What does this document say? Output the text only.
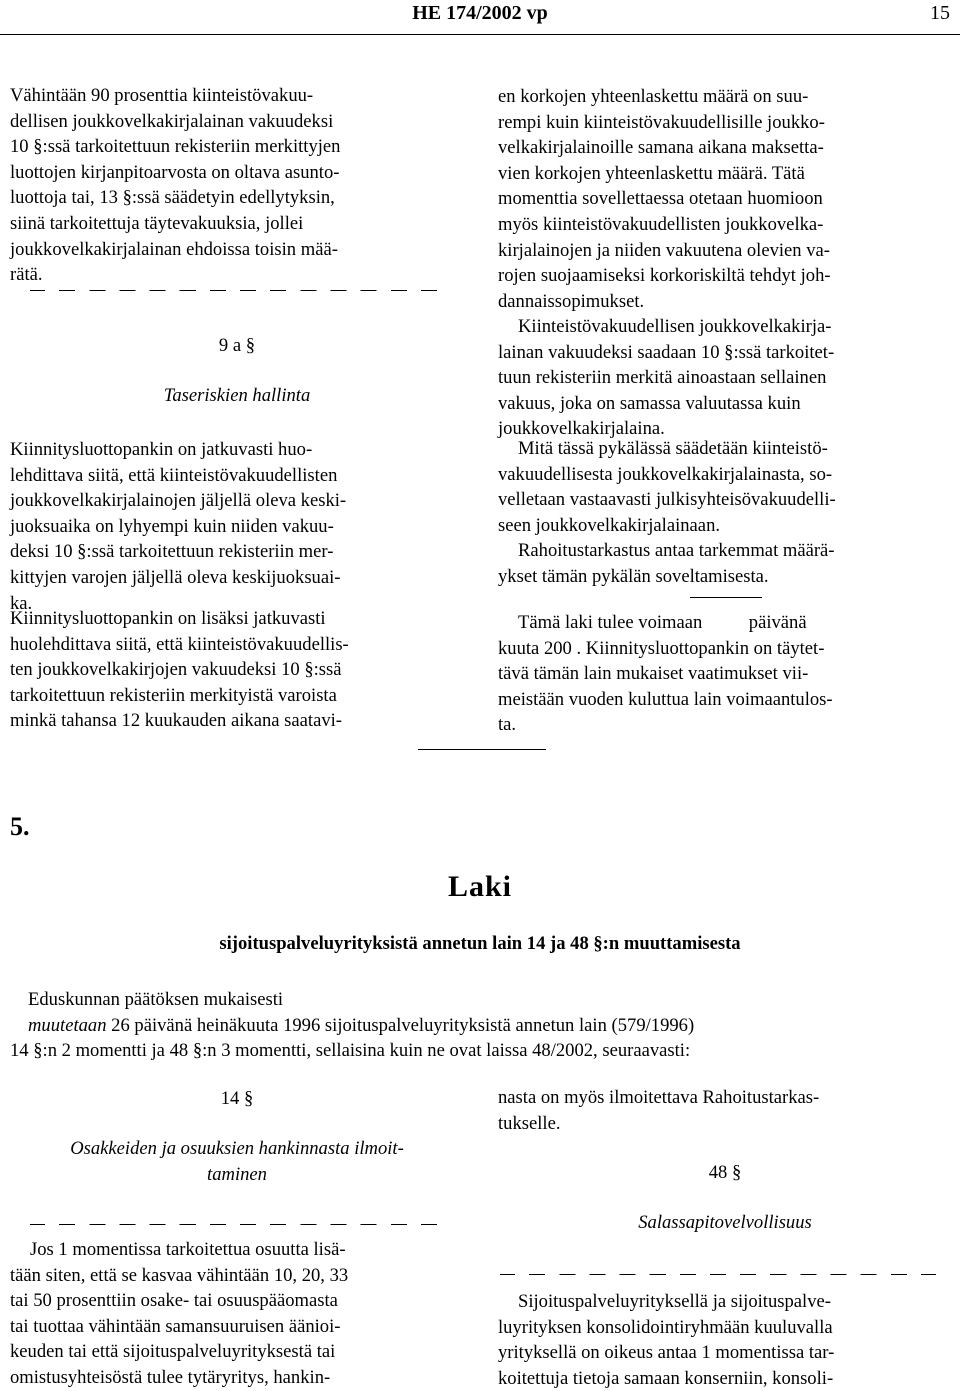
HE 174/2002 vp	15
Vähintään 90 prosenttia kiinteistövakuu-
dellisen joukkovelkakirjalainan vakuudeksi
10 §:ssä tarkoitettuun rekisteriin merkittyjen
luottojen kirjanpitoarvosta on oltava asunto-
luottoja tai, 13 §:ssä säädetyin edellytyksin,
siinä tarkoitettuja täytevakuuksia, jollei
joukkovelkakirjalainan ehdoissa toisin mää-
rätä.
9 a §
Taseriskien hallinta
Kiinnitysluottopankin on jatkuvasti huo-
lehdittava siitä, että kiinteistövakuudellisten
joukkovelkakirjalainojen jäljellä oleva keski-
juoksuaika on lyhyempi kuin niiden vakuu-
deksi 10 §:ssä tarkoitettuun rekisteriin mer-
kittyjen varojen jäljellä oleva keskijuoksuai-
ka.
Kiinnitysluottopankin on lisäksi jatkuvasti
huolehdittava siitä, että kiinteistövakuudellis-
ten joukkovelkakirjojen vakuudeksi 10 §:ssä
tarkoitettuun rekisteriin merkityistä varoista
minkä tahansa 12 kuukauden aikana saatavi-
en korkojen yhteenlaskettu määrä on suu-
rempi kuin kiinteistövakuudellisille joukko-
velkakirjalainoille samana aikana maksetta-
vien korkojen yhteenlaskettu määrä. Tätä
momenttia sovellettaessa otetaan huomioon
myös kiinteistövakuudellisten joukkovelka-
kirjalainojen ja niiden vakuutena olevien va-
rojen suojaamiseksi korkoriskiltä tehdyt joh-
dannaissopimukset.
Kiinteistövakuudellisen joukkovelkakirja-
lainan vakuudeksi saadaan 10 §:ssä tarkoitet-
tuun rekisteriin merkitä ainoastaan sellainen
vakuus, joka on samassa valuutassa kuin
joukkovelkakirjalaina.
Mitä tässä pykälässä säädetään kiinteistö-
vakuudellisesta joukkovelkakirjalainasta, so-
velletaan vastaavasti julkisyhteisövakuudelli-
seen joukkovelkakirjalainaan.
Rahoitustarkastus antaa tarkemmat määrä-
ykset tämän pykälän soveltamisesta.
Tämä laki tulee voimaan          päivänä
kuuta 200 . Kiinnitysluottopankin on täytet-
tävä tämän lain mukaiset vaatimukset vii-
meistään vuoden kuluttua lain voimaantulos-
ta.
5.
Laki
sijoituspalveluyrityksistä annetun lain 14 ja 48 §:n muuttamisesta
Eduskunnan päätöksen mukaisesti
muutetaan 26 päivänä heinäkuuta 1996 sijoituspalveluyrityksistä annetun lain (579/1996)
14 §:n 2 momentti ja 48 §:n 3 momentti, sellaisina kuin ne ovat laissa 48/2002, seuraavasti:
14 §
Osakkeiden ja osuuksien hankinnasta ilmoit-
taminen
Jos 1 momentissa tarkoitettua osuutta lisä-
tään siten, että se kasvaa vähintään 10, 20, 33
tai 50 prosenttiin osake- tai osuuspääomasta
tai tuottaa vähintään samansuuruisen äänioi-
keuden tai että sijoituspalveluyrityksestä tai
omistusyhteisöstä tulee tytäryritys, hankin-
nasta on myös ilmoitettava Rahoitustarkas-
tukselle.
48 §
Salassapitovelvollisuus
Sijoituspalveluyrityksellä ja sijoituspalve-
luyrityksen konsolidointiryhmään kuuluvalla
yrityksellä on oikeus antaa 1 momentissa tar-
koitettuja tietoja samaan konserniin, konsoli-
